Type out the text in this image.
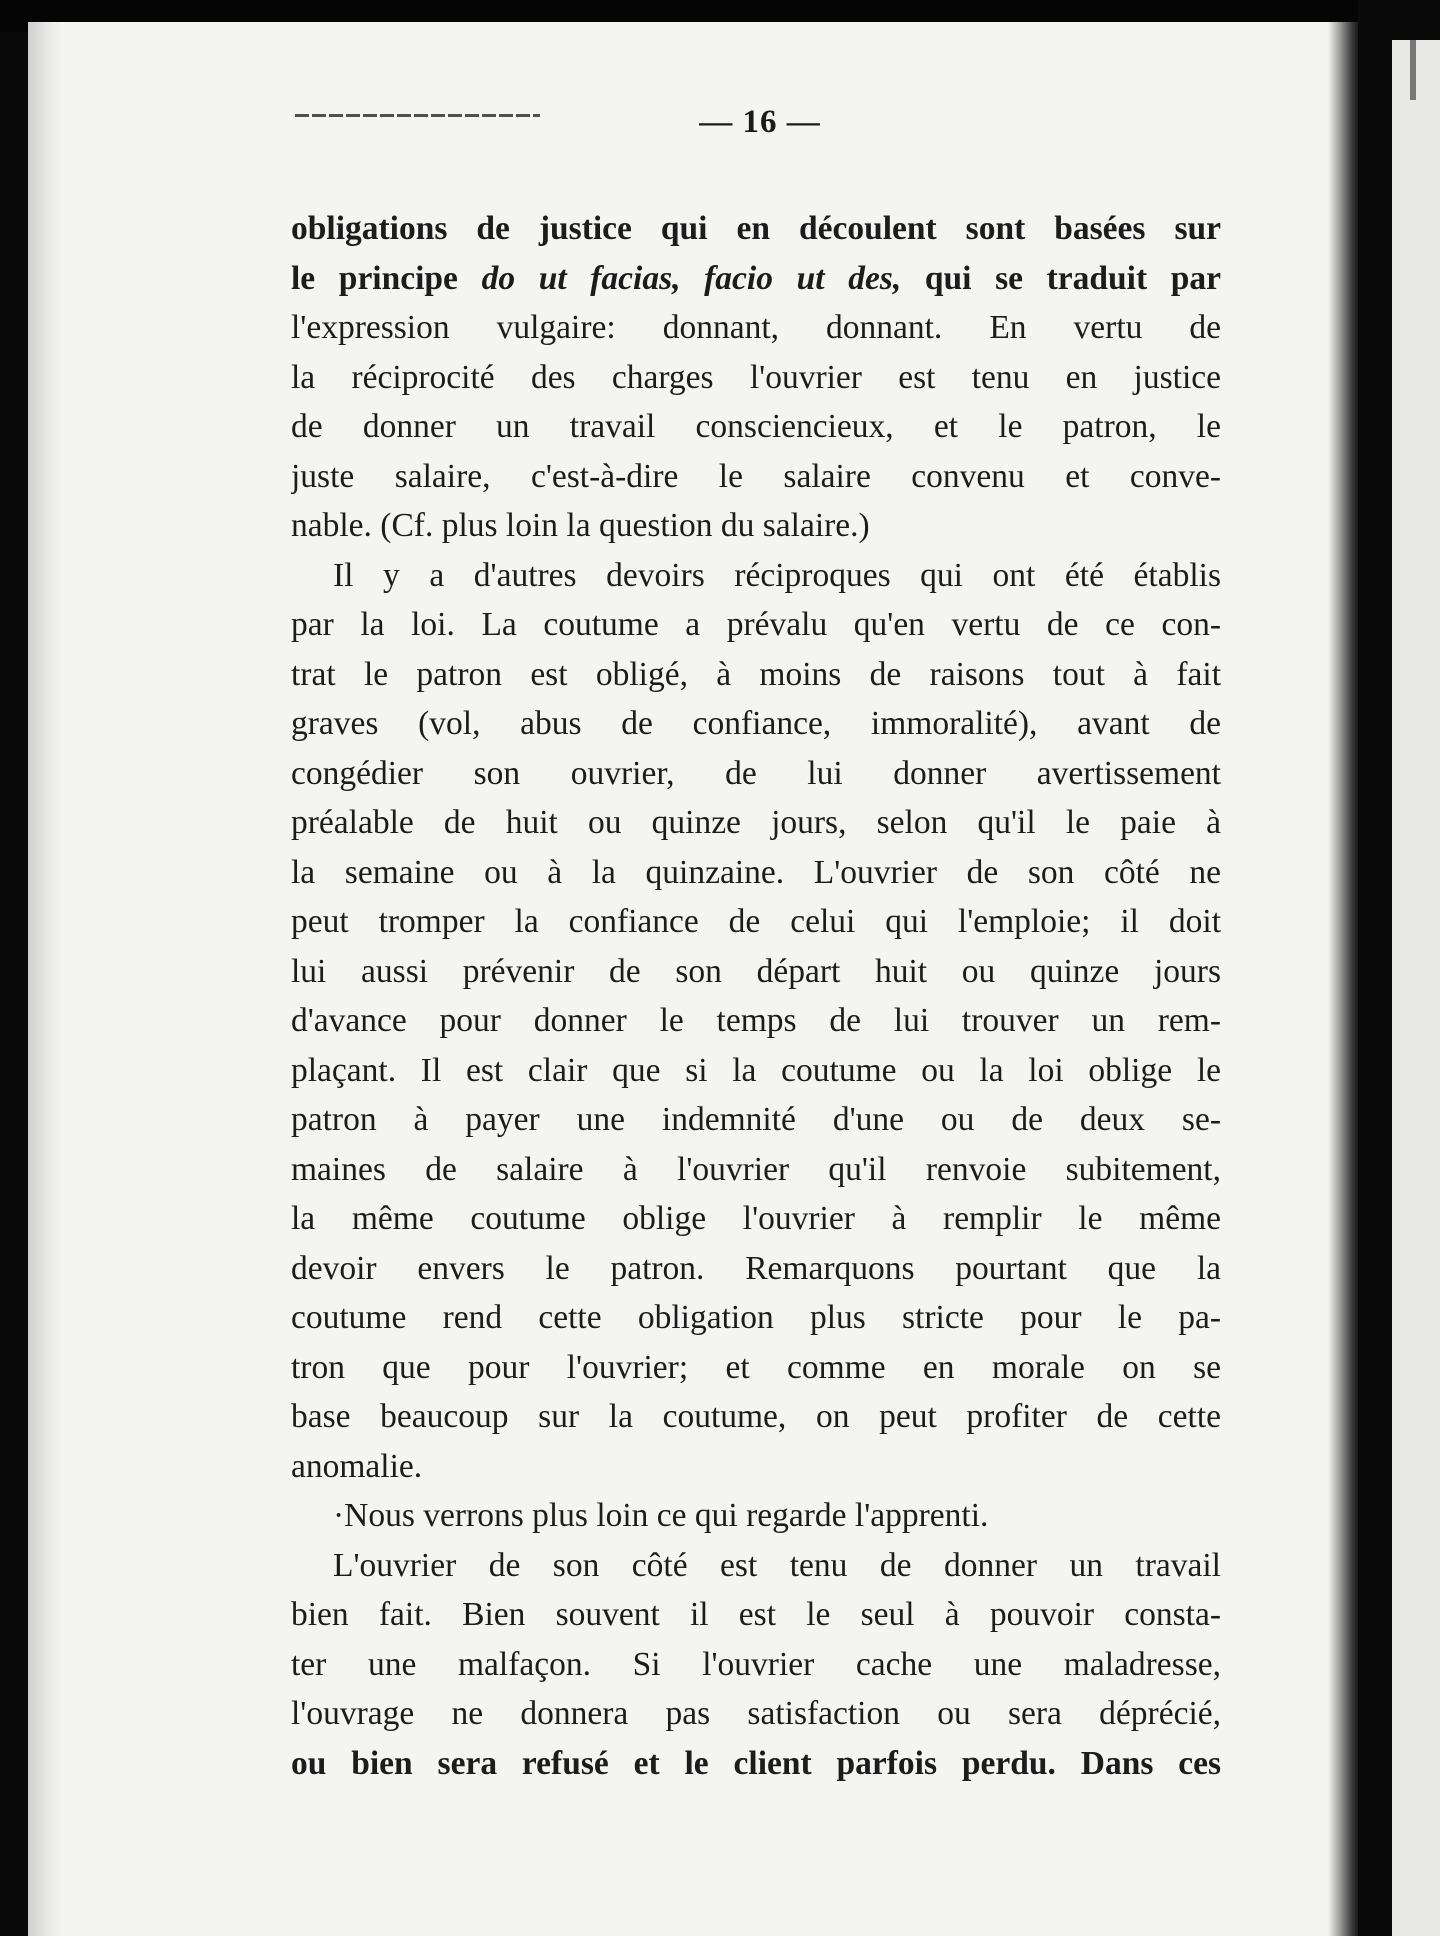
— 16 —
obligations de justice qui en découlent sont basées sur
le principe do ut facias, facio ut des, qui se traduit par
l'expression vulgaire: donnant, donnant. En vertu de
la réciprocité des charges l'ouvrier est tenu en justice
de donner un travail consciencieux, et le patron, le
juste salaire, c'est-à-dire le salaire convenu et conve-
nable. (Cf. plus loin la question du salaire.)
Il y a d'autres devoirs réciproques qui ont été établis
par la loi. La coutume a prévalu qu'en vertu de ce con-
trat le patron est obligé, à moins de raisons tout à fait
graves (vol, abus de confiance, immoralité), avant de
congédier son ouvrier, de lui donner avertissement
préalable de huit ou quinze jours, selon qu'il le paie à
la semaine ou à la quinzaine. L'ouvrier de son côté ne
peut tromper la confiance de celui qui l'emploie; il doit
lui aussi prévenir de son départ huit ou quinze jours
d'avance pour donner le temps de lui trouver un rem-
plaçant. Il est clair que si la coutume ou la loi oblige le
patron à payer une indemnité d'une ou de deux se-
maines de salaire à l'ouvrier qu'il renvoie subitement,
la même coutume oblige l'ouvrier à remplir le même
devoir envers le patron. Remarquons pourtant que la
coutume rend cette obligation plus stricte pour le pa-
tron que pour l'ouvrier; et comme en morale on se
base beaucoup sur la coutume, on peut profiter de cette
anomalie.
·Nous verrons plus loin ce qui regarde l'apprenti.
L'ouvrier de son côté est tenu de donner un travail
bien fait. Bien souvent il est le seul à pouvoir consta-
ter une malfaçon. Si l'ouvrier cache une maladresse,
l'ouvrage ne donnera pas satisfaction ou sera déprécié,
ou bien sera refusé et le client parfois perdu. Dans ces
